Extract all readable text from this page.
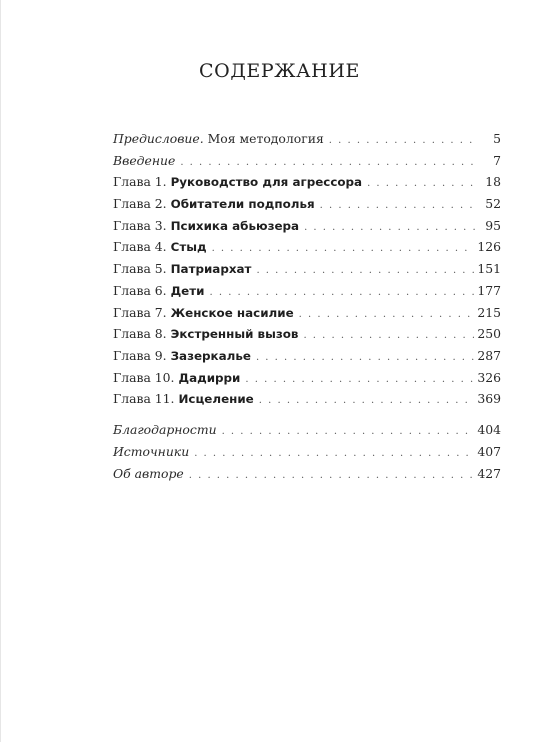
СОДЕРЖАНИЕ
Предисловие. Моя методология . . .	5
Введение . . .	7
Глава 1. Руководство для агрессора . . .	18
Глава 2. Обитатели подполья . . .	52
Глава 3. Психика абьюзера . . .	95
Глава 4. Стыд . . .	126
Глава 5. Патриархат . . .	151
Глава 6. Дети . . .	177
Глава 7. Женское насилие . . .	215
Глава 8. Экстренный вызов . . .	250
Глава 9. Зазеркалье . . .	287
Глава 10. Дадирри . . .	326
Глава 11. Исцеление . . .	369
Благодарности . . .	404
Источники . . .	407
Об авторе . . .	427
